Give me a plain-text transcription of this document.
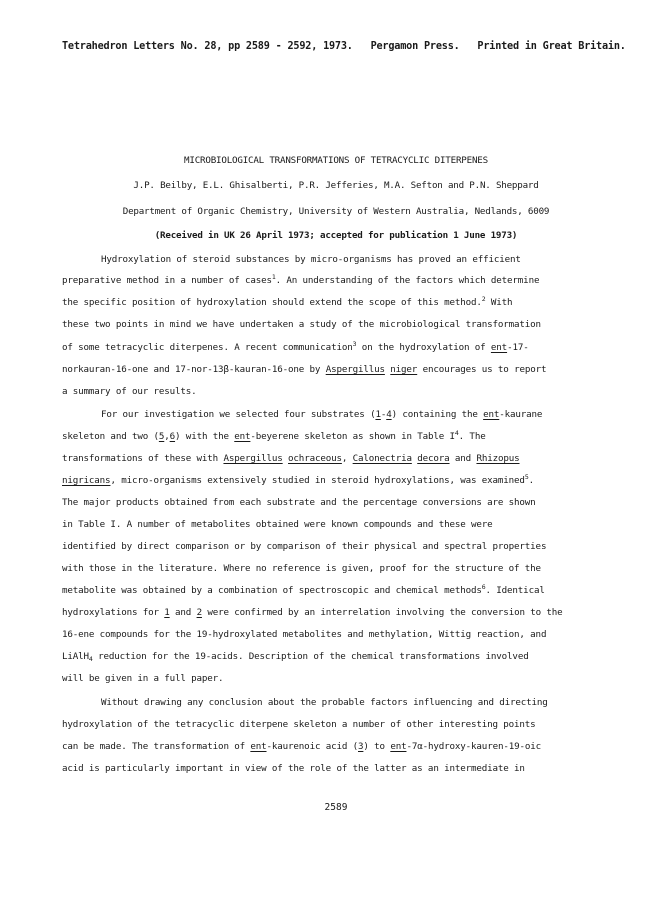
Tetrahedron Letters No. 28, pp 2589 - 2592, 1973. Pergamon Press. Printed in Great Britain.
MICROBIOLOGICAL TRANSFORMATIONS OF TETRACYCLIC DITERPENES
J.P. Beilby, E.L. Ghisalberti, P.R. Jefferies, M.A. Sefton and P.N. Sheppard
Department of Organic Chemistry, University of Western Australia, Nedlands, 6009
(Received in UK 26 April 1973; accepted for publication 1 June 1973)
Hydroxylation of steroid substances by micro-organisms has proved an efficient
preparative method in a number of cases$^1$. An understanding of the factors which determine
the specific position of hydroxylation should extend the scope of this method.$^2$ With
these two points in mind we have undertaken a study of the microbiological transformation
of some tetracyclic diterpenes. A recent communication$^3$ on the hydroxylation of ent-17-
norkauran-16-one and 17-nor-13β-kauran-16-one by Aspergillus niger encourages us to report
a summary of our results.
For our investigation we selected four substrates (1-4) containing the ent-kaurane
skeleton and two (5,6) with the ent-beyerene skeleton as shown in Table $I^4$. The
transformations of these with Aspergillus ochraceous, Calonectria decora and Rhizopus
nigricans, micro-organisms extensively studied in steroid hydroxylations, was examined$^5$.
The major products obtained from each substrate and the percentage conversions are shown
in Table I. A number of metabolites obtained were known compounds and these were
identified by direct comparison or by comparison of their physical and spectral properties
with those in the literature. Where no reference is given, proof for the structure of the
metabolite was obtained by a combination of spectroscopic and chemical methods$^6$. Identical
hydroxylations for 1 and 2 were confirmed by an interrelation involving the conversion to the
16-ene compounds for the 19-hydroxylated metabolites and methylation, Wittig reaction, and
LiAlH$_4$ reduction for the 19-acids. Description of the chemical transformations involved
will be given in a full paper.
Without drawing any conclusion about the probable factors influencing and directing
hydroxylation of the tetracyclic diterpene skeleton a number of other interesting points
can be made. The transformation of ent-kaurenoic acid (3) to ent-7α-hydroxy-kauren-19-oic
acid is particularly important in view of the role of the latter as an intermediate in
2589
